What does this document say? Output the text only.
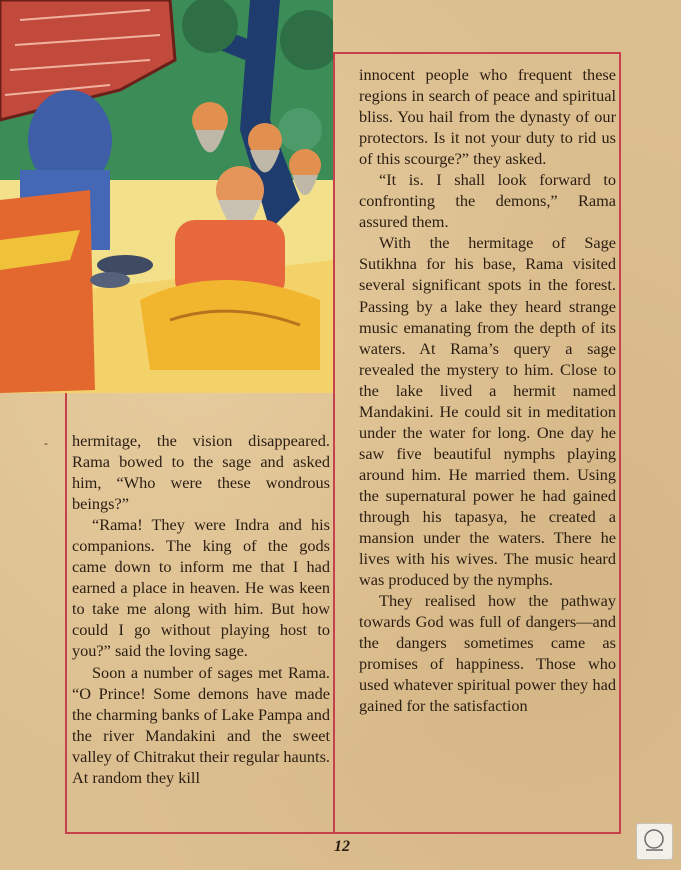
- hermitage, the vision disappeared. Rama bowed to the sage and asked him, “Who were these wondrous beings?”

“Rama! They were Indra and his companions. The king of the gods came down to inform me that I had earned a place in heaven. He was keen to take me along with him. But how could I go without playing host to you?” said the loving sage.

Soon a number of sages met Rama. “O Prince! Some demons have made the charming banks of Lake Pampa and the river Mandakini and the sweet valley of Chitrakut their regular haunts. At random they kill

innocent people who frequent these regions in search of peace and spiritual bliss. You hail from the dynasty of our protectors. Is it not your duty to rid us of this scourge?” they asked.

“It is. I shall look forward to confronting the demons,” Rama assured them.

With the hermitage of Sage Sutikhna for his base, Rama visited several significant spots in the forest. Passing by a lake they heard strange music emanating from the depth of its waters. At Rama’s query a sage revealed the mystery to him. Close to the lake lived a hermit named Mandakini. He could sit in meditation under the water for long. One day he saw five beautiful nymphs playing around him. He married them. Using the supernatural power he had gained through his tapasya, he created a mansion under the waters. There he lives with his wives. The music heard was produced by the nymphs.

They realised how the pathway towards God was full of dangers—and the dangers sometimes came as promises of happiness. Those who used whatever spiritual power they had gained for the satisfaction

12
